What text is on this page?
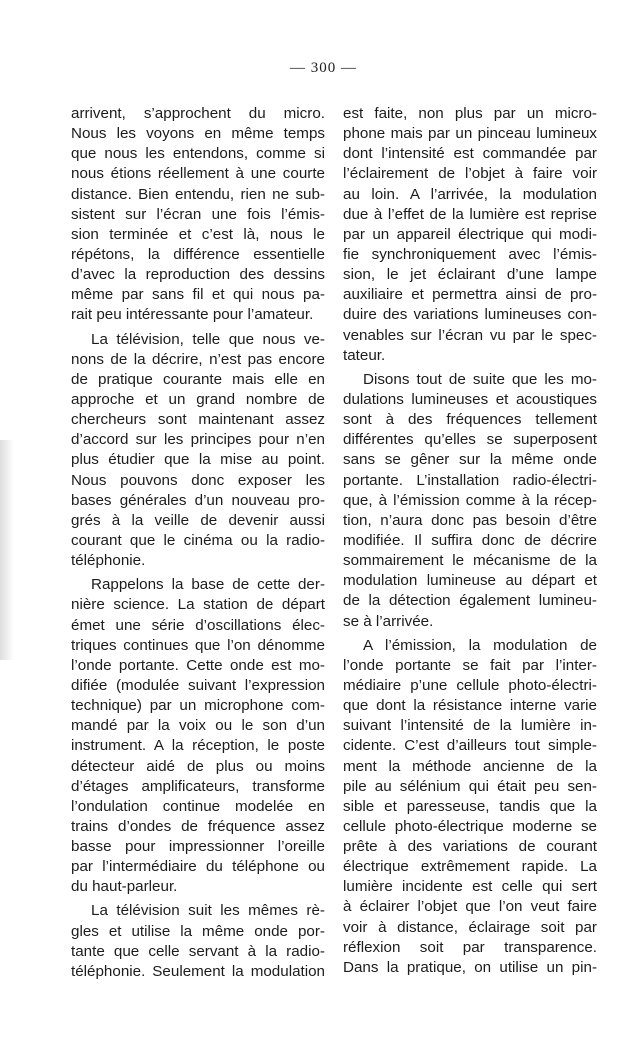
— 300 —
arrivent, s’approchent du micro.
Nous les voyons en même temps
que nous les entendons, comme si
nous étions réellement à une courte
distance. Bien entendu, rien ne sub-
sistent sur l’écran une fois l’émis-
sion terminée et c’est là, nous le
répétons, la différence essentielle
d’avec la reproduction des dessins
même par sans fil et qui nous pa-
rait peu intéressante pour l’amateur.
La télévision, telle que nous ve-
nons de la décrire, n’est pas encore
de pratique courante mais elle en
approche et un grand nombre de
chercheurs sont maintenant assez
d’accord sur les principes pour n’en
plus étudier que la mise au point.
Nous pouvons donc exposer les
bases générales d’un nouveau pro-
grés à la veille de devenir aussi
courant que le cinéma ou la radio-
téléphonie.
Rappelons la base de cette der-
nière science. La station de départ
émet une série d’oscillations élec-
triques continues que l’on dénomme
l’onde portante. Cette onde est mo-
difiée (modulée suivant l’expression
technique) par un microphone com-
mandé par la voix ou le son d’un
instrument. A la réception, le poste
détecteur aidé de plus ou moins
d’étages amplificateurs, transforme
l’ondulation continue modelée en
trains d’ondes de fréquence assez
basse pour impressionner l’oreille
par l’intermédiaire du téléphone ou
du haut-parleur.
La télévision suit les mêmes rè-
gles et utilise la même onde por-
tante que celle servant à la radio-
téléphonie. Seulement la modulation
est faite, non plus par un micro-
phone mais par un pinceau lumineux
dont l’intensité est commandée par
l’éclairement de l’objet à faire voir
au loin. A l’arrivée, la modulation
due à l’effet de la lumière est reprise
par un appareil électrique qui modi-
fie synchroniquement avec l’émis-
sion, le jet éclairant d’une lampe
auxiliaire et permettra ainsi de pro-
duire des variations lumineuses con-
venables sur l’écran vu par le spec-
tateur.
Disons tout de suite que les mo-
dulations lumineuses et acoustiques
sont à des fréquences tellement
différentes qu’elles se superposent
sans se gêner sur la même onde
portante. L’installation radio-électri-
que, à l’émission comme à la récep-
tion, n’aura donc pas besoin d’être
modifiée. Il suffira donc de décrire
sommairement le mécanisme de la
modulation lumineuse au départ et
de la détection également lumineu-
se à l’arrivée.
A l’émission, la modulation de
l’onde portante se fait par l’inter-
médiaire p’une cellule photo-électri-
que dont la résistance interne varie
suivant l’intensité de la lumière in-
cidente. C’est d’ailleurs tout simple-
ment la méthode ancienne de la
pile au sélénium qui était peu sen-
sible et paresseuse, tandis que la
cellule photo-électrique moderne se
prête à des variations de courant
électrique extrêmement rapide. La
lumière incidente est celle qui sert
à éclairer l’objet que l’on veut faire
voir à distance, éclairage soit par
réflexion soit par transparence.
Dans la pratique, on utilise un pin-
